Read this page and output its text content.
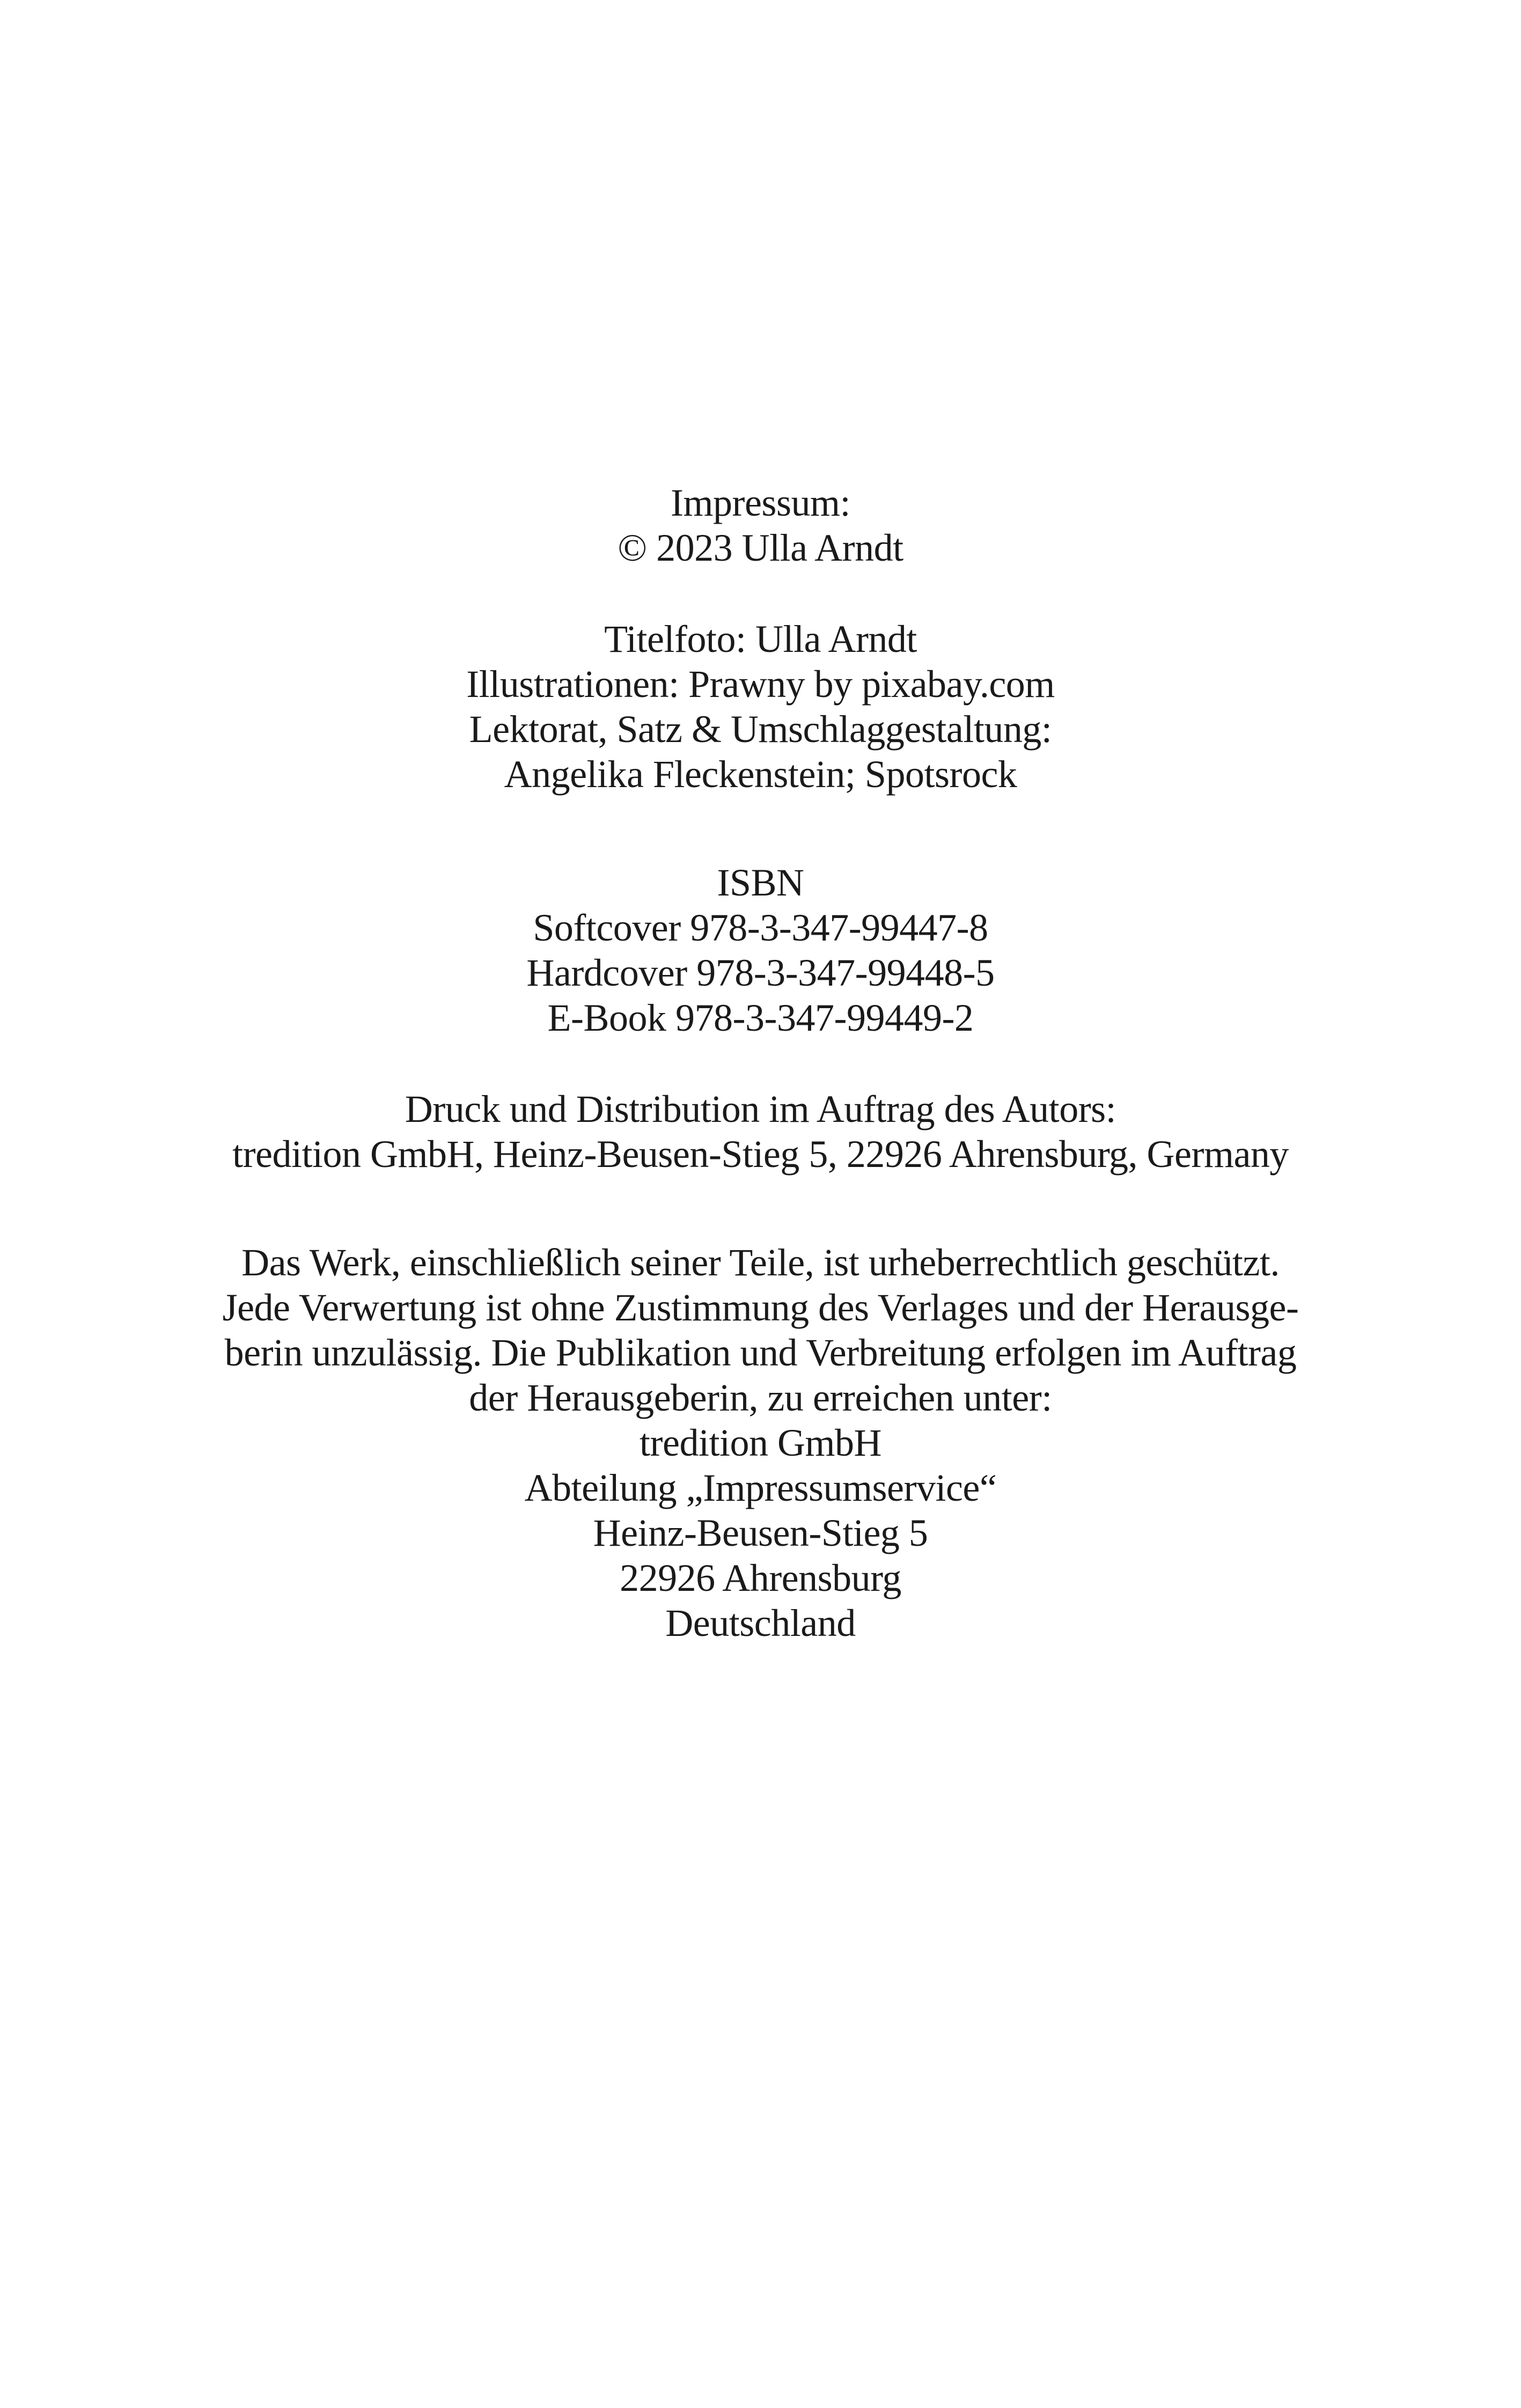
Impressum:
© 2023 Ulla Arndt
Titelfoto: Ulla Arndt
Illustrationen: Prawny by pixabay.com
Lektorat, Satz & Umschlaggestaltung:
Angelika Fleckenstein; Spotsrock
ISBN
Softcover 978-3-347-99447-8
Hardcover 978-3-347-99448-5
E-Book 978-3-347-99449-2
Druck und Distribution im Auftrag des Autors:
tredition GmbH, Heinz-Beusen-Stieg 5, 22926 Ahrensburg, Germany
Das Werk, einschließlich seiner Teile, ist urheberrechtlich geschützt.
Jede Verwertung ist ohne Zustimmung des Verlages und der Herausge-
berin unzulässig. Die Publikation und Verbreitung erfolgen im Auftrag
der Herausgeberin, zu erreichen unter:
tredition GmbH
Abteilung „Impressumservice“
Heinz-Beusen-Stieg 5
22926 Ahrensburg
Deutschland
